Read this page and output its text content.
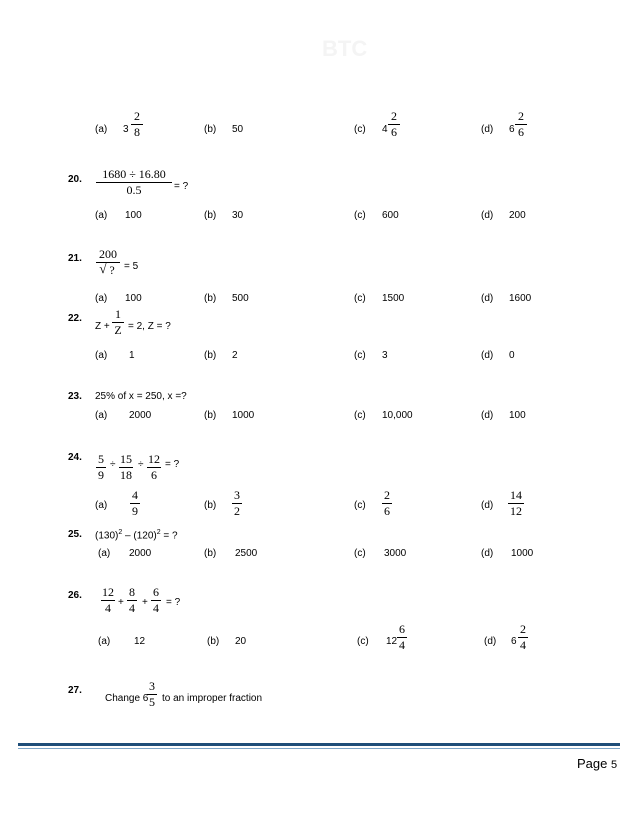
BTC
(a) 3
2
8	(b) 50	(c) 4
2
6	(d) 6
2
6
20.	1680 ÷ 16.80
0.5	= ?
(a) 100	(b) 30	(c) 600	(d) 200
21. 200
√ ? = 5
(a) 100	(b) 500	(c) 1500	(d) 1600
22.
Z +
1
Z = 2, Z = ?
(a) 1	(b) 2	(c) 3	(d) 0
23. 25% of x = 250, x =?
(a) 2000	(b) 1000	(c) 10,000	(d) 100
24. 5
9
÷ 15
18
÷ 12
6
= ?
(a)
4
9	(b)
3
2	(c)
2
6	(d)
14
12
25. $(130)^2 - (120)^2$ = ?
(a) 2000	(b) 2500	(c) 3000	(d) 1000
26. 12
4 +
8
4 +
6
4 = ?
(a) 12	(b) 20	(c) 12
6
4	(d) 6
2
4
27.
Change 6
3
5 to an improper fraction
Page 5
